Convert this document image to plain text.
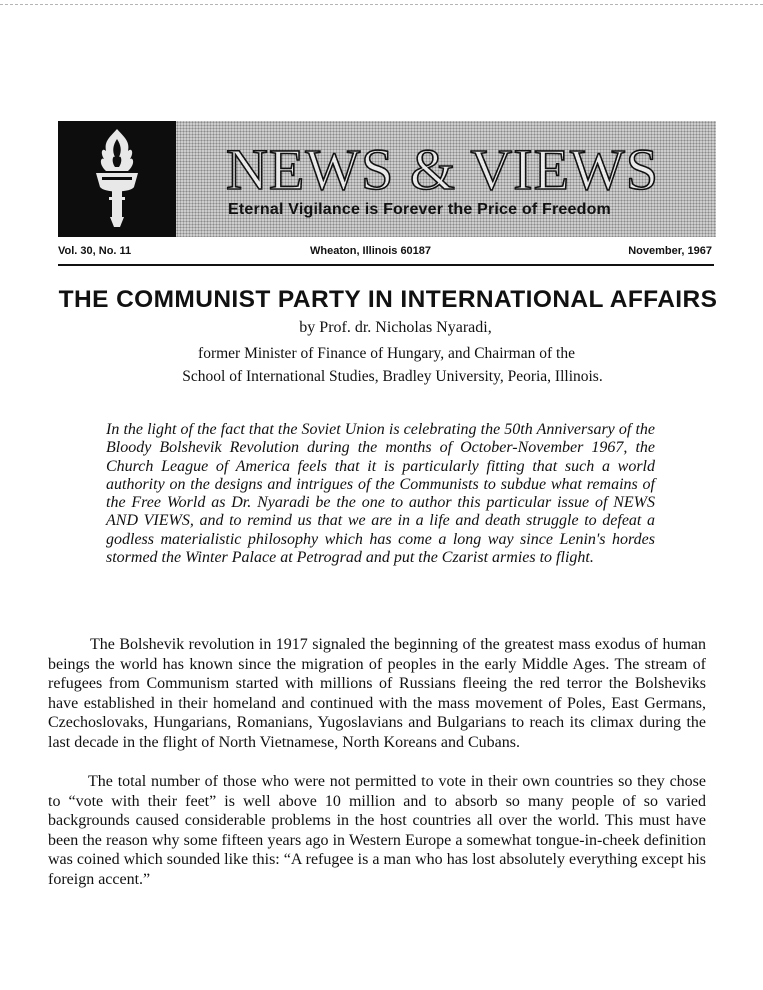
NEWS & VIEWS
Eternal Vigilance is Forever the Price of Freedom
Vol. 30, No. 11	Wheaton, Illinois 60187	November, 1967
THE COMMUNIST PARTY IN INTERNATIONAL AFFAIRS
by Prof. dr. Nicholas Nyaradi,
former Minister of Finance of Hungary, and Chairman of the
School of International Studies, Bradley University, Peoria, Illinois.

In the light of the fact that the Soviet Union is celebrating the 50th Anniversary of the Bloody Bolshevik Revolution during the months of October-November 1967, the Church League of America feels that it is particularly fitting that such a world authority on the designs and intrigues of the Communists to subdue what remains of the Free World as Dr. Nyaradi be the one to author this particular issue of NEWS AND VIEWS, and to remind us that we are in a life and death struggle to defeat a godless materialistic philosophy which has come a long way since Lenin's hordes stormed the Winter Palace at Petrograd and put the Czarist armies to flight.

The Bolshevik revolution in 1917 signaled the beginning of the greatest mass exodus of human beings the world has known since the migration of peoples in the early Middle Ages. The stream of refugees from Communism started with millions of Russians fleeing the red terror the Bolsheviks have established in their homeland and continued with the mass movement of Poles, East Germans, Czechoslovaks, Hungarians, Romanians, Yugoslavians and Bulgarians to reach its climax during the last decade in the flight of North Vietnamese, North Koreans and Cubans.

The total number of those who were not permitted to vote in their own countries so they chose to “vote with their feet” is well above 10 million and to absorb so many people of so varied backgrounds caused considerable problems in the host countries all over the world. This must have been the reason why some fifteen years ago in Western Europe a somewhat tongue-in-cheek definition was coined which sounded like this: “A refugee is a man who has lost absolutely everything except his foreign accent.”
